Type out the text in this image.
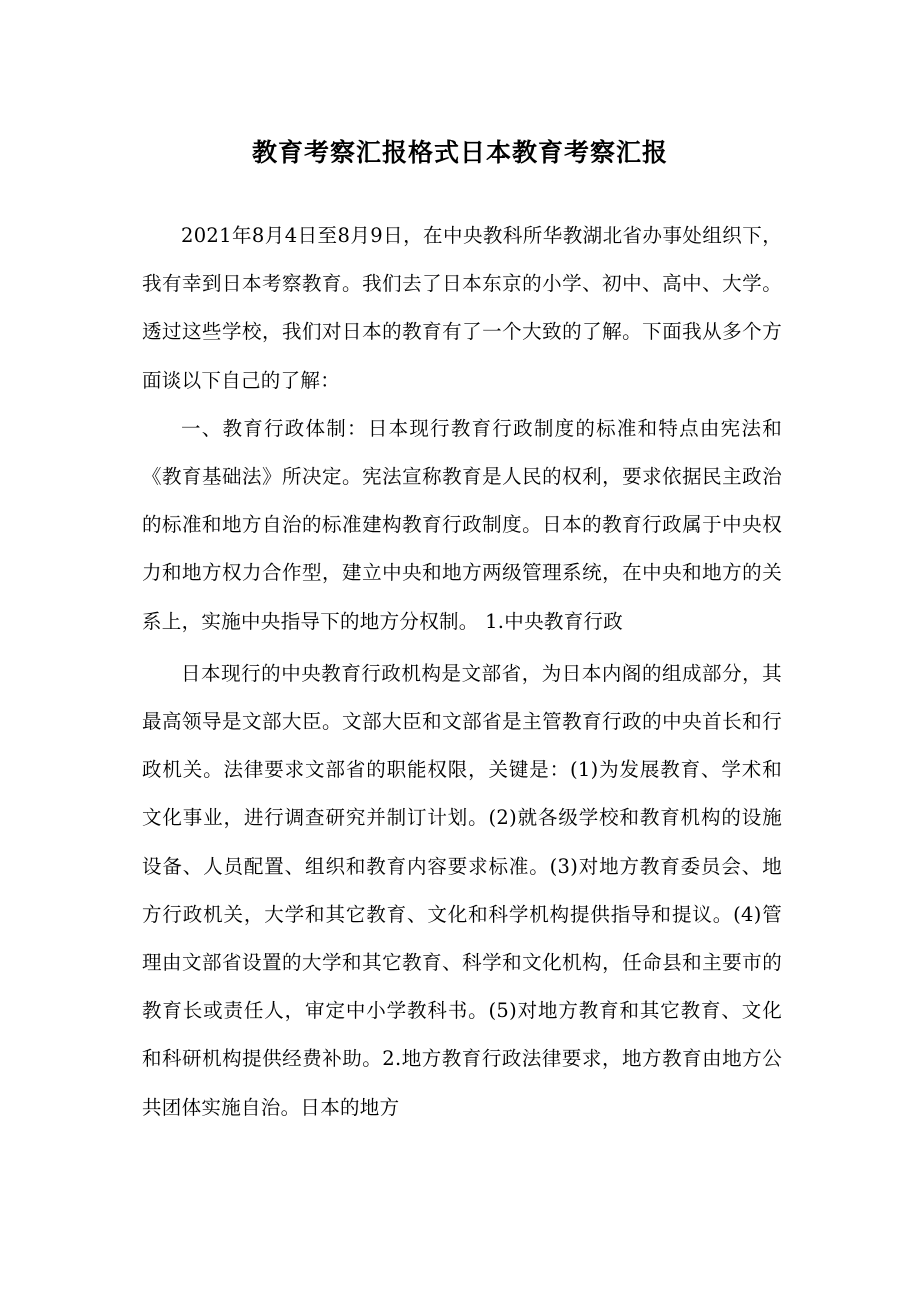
教育考察汇报格式日本教育考察汇报

2021年8月4日至8月9日，在中央教科所华教湖北省办事处组织下，我有幸到日本考察教育。我们去了日本东京的小学、初中、高中、大学。透过这些学校，我们对日本的教育有了一个大致的了解。下面我从多个方面谈以下自己的了解：

一、教育行政体制：日本现行教育行政制度的标准和特点由宪法和《教育基础法》所决定。宪法宣称教育是人民的权利，要求依据民主政治的标准和地方自治的标准建构教育行政制度。日本的教育行政属于中央权力和地方权力合作型，建立中央和地方两级管理系统，在中央和地方的关系上，实施中央指导下的地方分权制。 1.中央教育行政

日本现行的中央教育行政机构是文部省，为日本内阁的组成部分，其最高领导是文部大臣。文部大臣和文部省是主管教育行政的中央首长和行政机关。法律要求文部省的职能权限，关键是：(1)为发展教育、学术和文化事业，进行调查研究并制订计划。(2)就各级学校和教育机构的设施设备、人员配置、组织和教育内容要求标准。(3)对地方教育委员会、地方行政机关，大学和其它教育、文化和科学机构提供指导和提议。(4)管理由文部省设置的大学和其它教育、科学和文化机构，任命县和主要市的教育长或责任人，审定中小学教科书。(5)对地方教育和其它教育、文化和科研机构提供经费补助。2.地方教育行政法律要求，地方教育由地方公共团体实施自治。日本的地方
